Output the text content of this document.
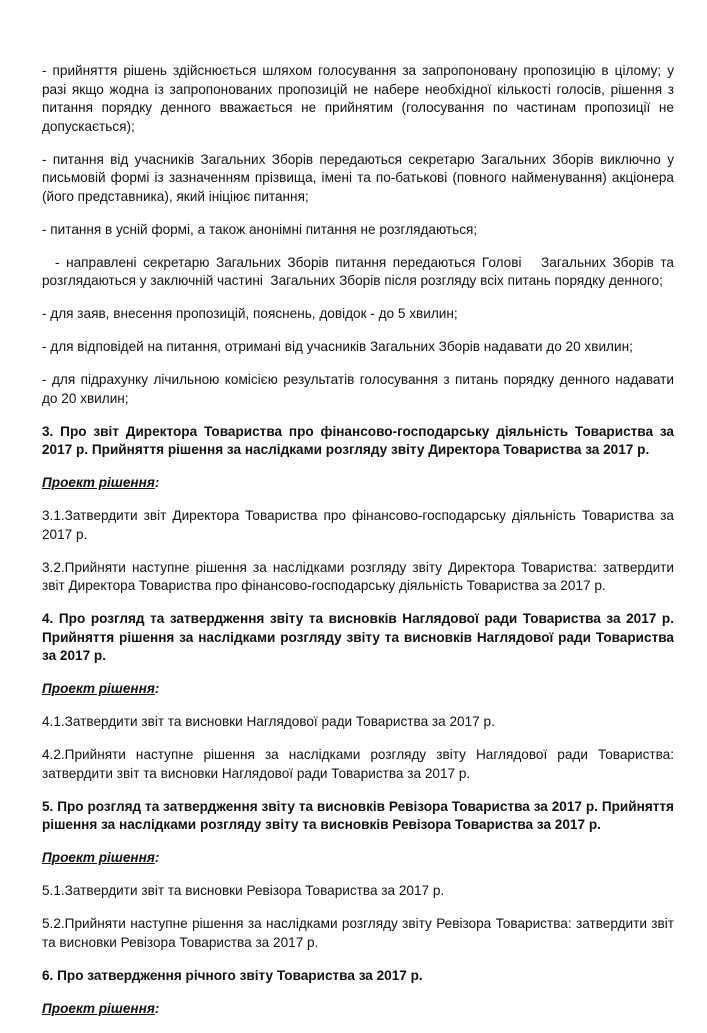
- прийняття рішень здійснюється шляхом голосування за запропоновану пропозицію в цілому; у разі якщо жодна із запропонованих пропозицій не набере необхідної кількості голосів, рішення з питання порядку денного вважається не прийнятим (голосування по частинам пропозиції не допускається);

- питання від учасників Загальних Зборів передаються секретарю Загальних Зборів виключно у письмовій формі із зазначенням прізвища, імені та по-батькові (повного найменування) акціонера (його представника), який ініціює питання;

- питання в усній формі, а також анонімні питання не розглядаються;

- направлені секретарю Загальних Зборів питання передаються Голові   Загальних Зборів та розглядаються у заключній частині  Загальних Зборів після розгляду всіх питань порядку денного;

- для заяв, внесення пропозицій, пояснень, довідок - до 5 хвилин;

- для відповідей на питання, отримані від учасників Загальних Зборів надавати до 20 хвилин;

- для підрахунку лічильною комісією результатів голосування з питань порядку денного надавати до 20 хвилин;

3. Про звіт Директора Товариства про фінансово-господарську діяльність Товариства за 2017 р. Прийняття рішення за наслідками розгляду звіту Директора Товариства за 2017 р.

Проект рішення:

3.1.Затвердити звіт Директора Товариства про фінансово-господарську діяльність Товариства за 2017 р.

3.2.Прийняти наступне рішення за наслідками розгляду звіту Директора Товариства: затвердити звіт Директора Товариства про фінансово-господарську діяльність Товариства за 2017 р.

4. Про розгляд та затвердження звіту та висновків Наглядової ради Товариства за 2017 р. Прийняття рішення за наслідками розгляду звіту та висновків Наглядової ради Товариства за 2017 р.

Проект рішення:

4.1.Затвердити звіт та висновки Наглядової ради Товариства за 2017 р.

4.2.Прийняти наступне рішення за наслідками розгляду звіту Наглядової ради Товариства: затвердити звіт та висновки Наглядової ради Товариства за 2017 р.

5. Про розгляд та затвердження звіту та висновків Ревізора Товариства за 2017 р. Прийняття рішення за наслідками розгляду звіту та висновків Ревізора Товариства за 2017 р.

Проект рішення:

5.1.Затвердити звіт та висновки Ревізора Товариства за 2017 р.

5.2.Прийняти наступне рішення за наслідками розгляду звіту Ревізора Товариства: затвердити звіт та висновки Ревізора Товариства за 2017 р.

6. Про затвердження річного звіту Товариства за 2017 р.

Проект рішення:
